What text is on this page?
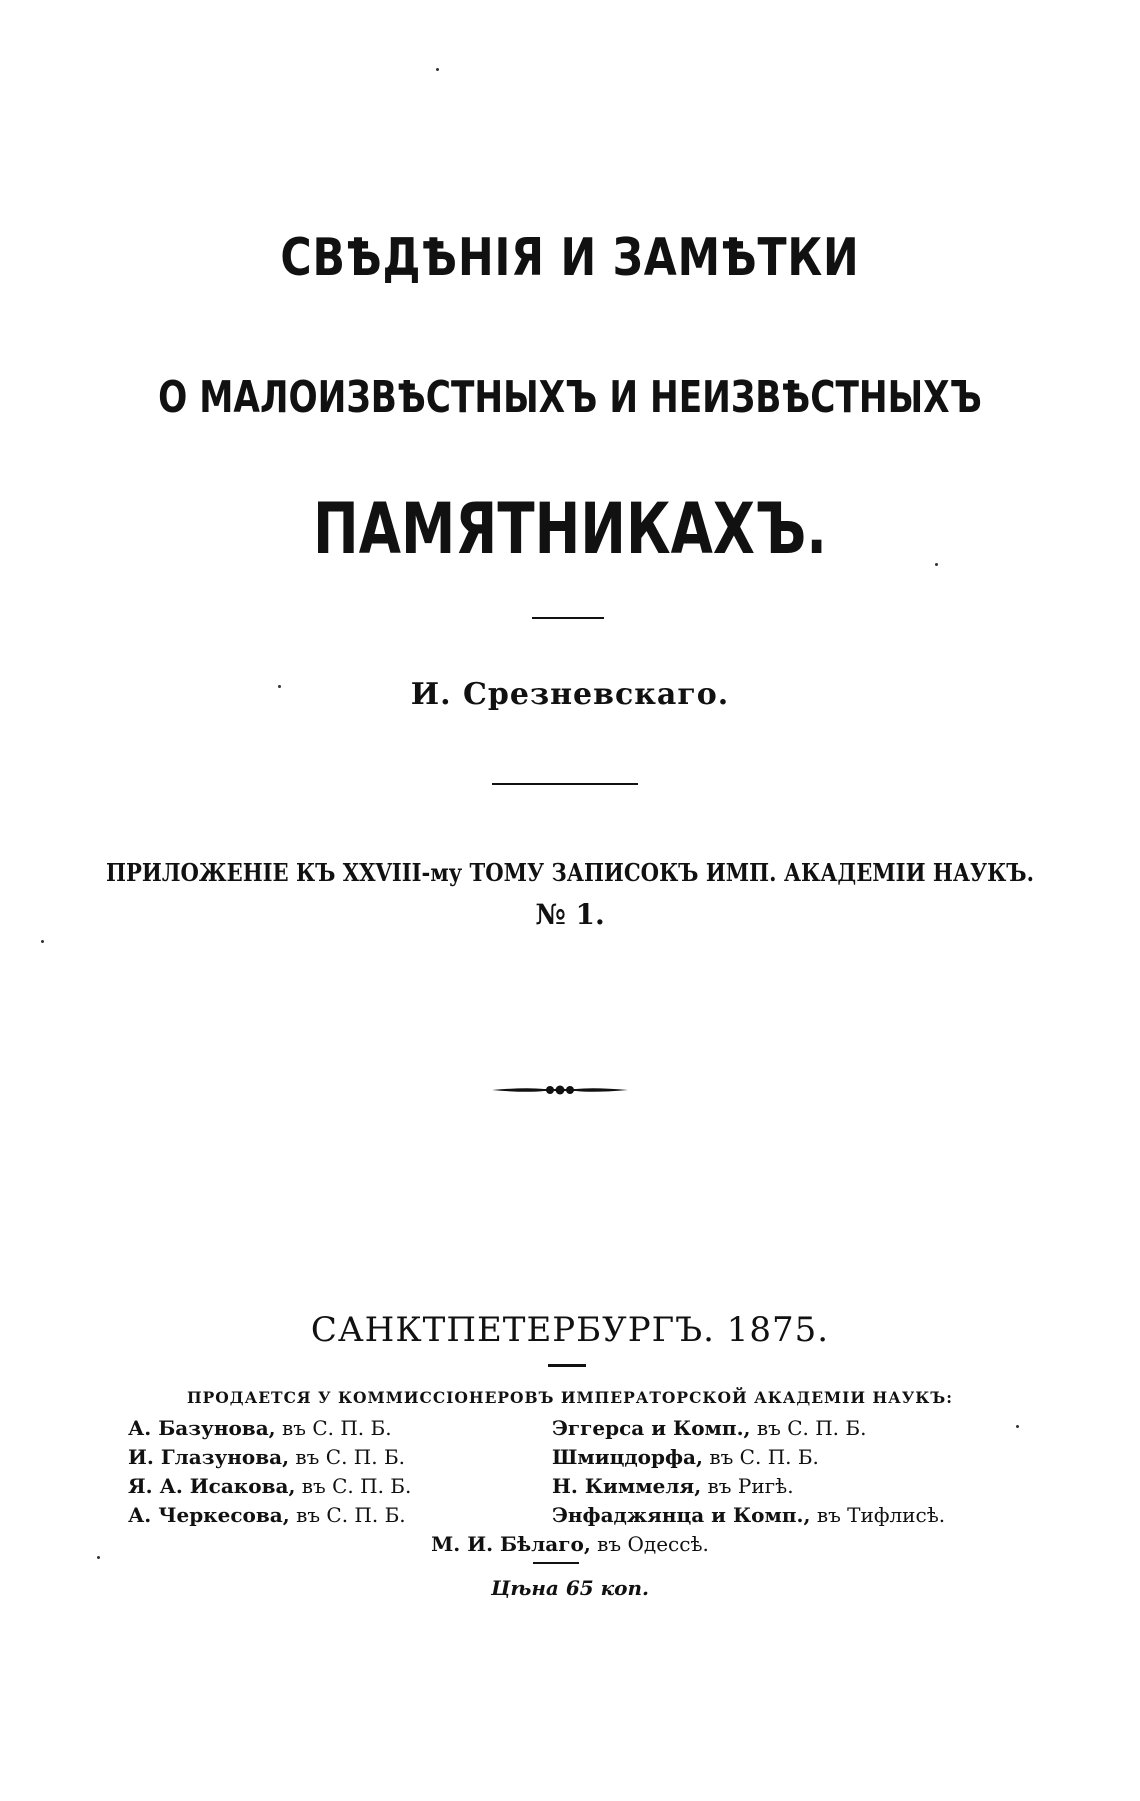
СВѢДѢНІЯ И ЗАМѢТКИ
О МАЛОИЗВѢСТНЫХЪ И НЕИЗВѢСТНЫХЪ
ПАМЯТНИКАХЪ.
И. Срезневскаго.
ПРИЛОЖЕНІЕ КЪ XXVIII-му ТОМУ ЗАПИСОКЪ ИМП. АКАДЕМІИ НАУКЪ.
№ 1.
САНКТПЕТЕРБУРГЪ. 1875.
ПРОДАЕТСЯ У КОММИССІОНЕРОВЪ ИМПЕРАТОРСКОЙ АКАДЕМІИ НАУКЪ:
А. Базунова, въ С. П. Б.
И. Глазунова, въ С. П. Б.
Я. А. Исакова, въ С. П. Б.
А. Черкесова, въ С. П. Б.
Эггерса и Комп., въ С. П. Б.
Шмицдорфа, въ С. П. Б.
Н. Киммеля, въ Ригѣ.
Энфаджянца и Комп., въ Тифлисѣ.
М. И. Бѣлаго, въ Одессѣ.
Цѣна 65 коп.
